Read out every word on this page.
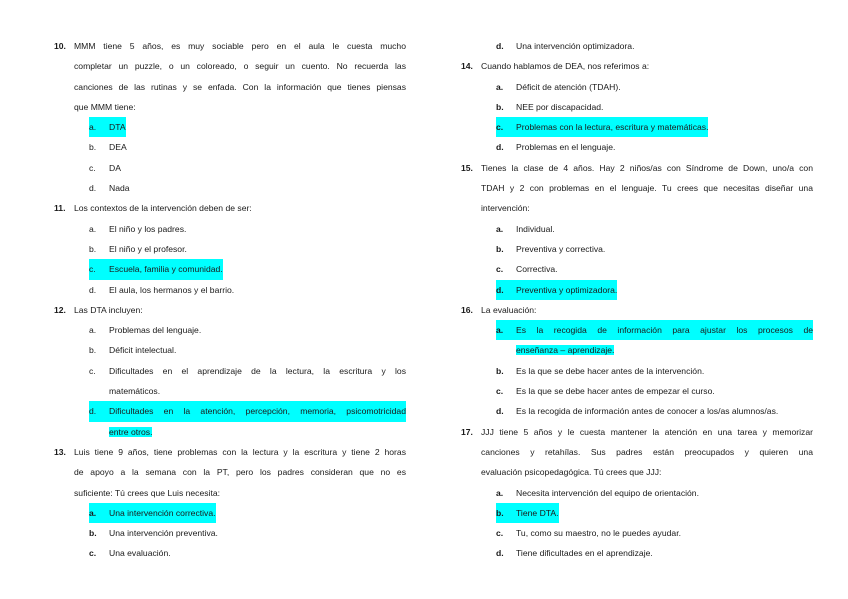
10. MMM tiene 5 años, es muy sociable pero en el aula le cuesta mucho
completar un puzzle, o un coloreado, o seguir un cuento. No recuerda las
canciones de las rutinas y se enfada. Con la información que tienes piensas
que MMM tiene:
a.	DTA
b.	DEA
c.	DA
d.	Nada
11. Los contextos de la intervención deben de ser:
a.	El niño y los padres.
b.	El niño y el profesor.
c.	Escuela, familia y comunidad.
d.	El aula, los hermanos y el barrio.
12. Las DTA incluyen:
a.	Problemas del lenguaje.
b.	Déficit intelectual.
c.	Dificultades en el aprendizaje de la lectura, la escritura y los
matemáticos.
d.	Dificultades en la atención, percepción, memoria, psicomotricidad
entre otros.
13. Luis tiene 9 años, tiene problemas con la lectura y la escritura y tiene 2 horas
de apoyo a la semana con la PT, pero los padres consideran que no es
suficiente: Tú crees que Luis necesita:
a.	Una intervención correctiva.
b.	Una intervención preventiva.
c.	Una evaluación.
d.	Una intervención optimizadora.
14. Cuando hablamos de DEA, nos referimos a:
a.	Déficit de atención (TDAH).
b.	NEE por discapacidad.
c.	Problemas con la lectura, escritura y matemáticas.
d.	Problemas en el lenguaje.
15. Tienes la clase de 4 años. Hay 2 niños/as con Síndrome de Down, uno/a con
TDAH y 2 con problemas en el lenguaje. Tu crees que necesitas diseñar una
intervención:
a.	Individual.
b.	Preventiva y correctiva.
c.	Correctiva.
d.	Preventiva y optimizadora.
16. La evaluación:
a.	Es la recogida de información para ajustar los procesos de
enseñanza – aprendizaje.
b.	Es la que se debe hacer antes de la intervención.
c.	Es la que se debe hacer antes de empezar el curso.
d.	Es la recogida de información antes de conocer a los/as alumnos/as.
17. JJJ tiene 5 años y le cuesta mantener la atención en una tarea y memorizar
canciones y retahílas. Sus padres están preocupados y quieren una
evaluación psicopedagógica. Tú crees que JJJ:
a.	Necesita intervención del equipo de orientación.
b.	Tiene DTA.
c.	Tu, como su maestro, no le puedes ayudar.
d.	Tiene dificultades en el aprendizaje.
